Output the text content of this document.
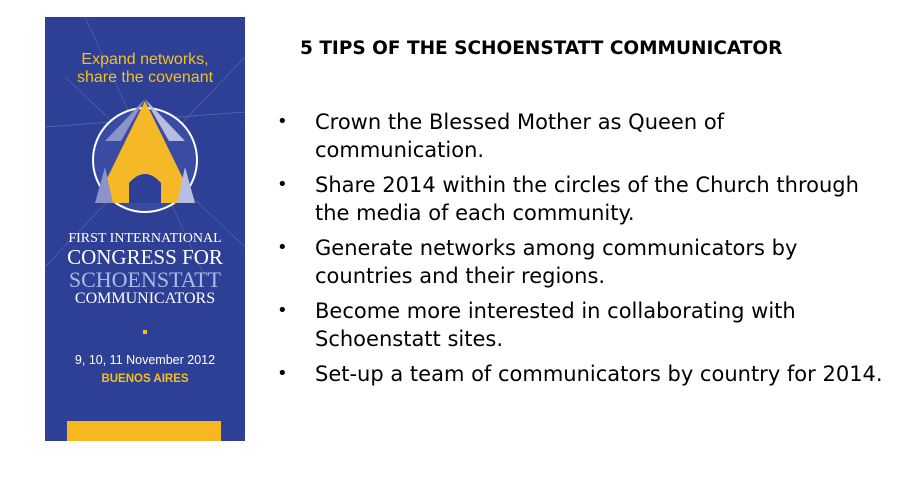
Expand networks,
share the covenant
FIRST INTERNATIONAL
CONGRESS FOR
SCHOENSTATT
COMMUNICATORS
9, 10, 11 November 2012
BUENOS AIRES
5 TIPS OF THE SCHOENSTATT COMMUNICATOR
• Crown the Blessed Mother as Queen of communication.
• Share 2014 within the circles of the Church through the media of each community.
• Generate networks among communicators by countries and their regions.
• Become more interested in collaborating with Schoenstatt sites.
• Set-up a team of communicators by country for 2014.
